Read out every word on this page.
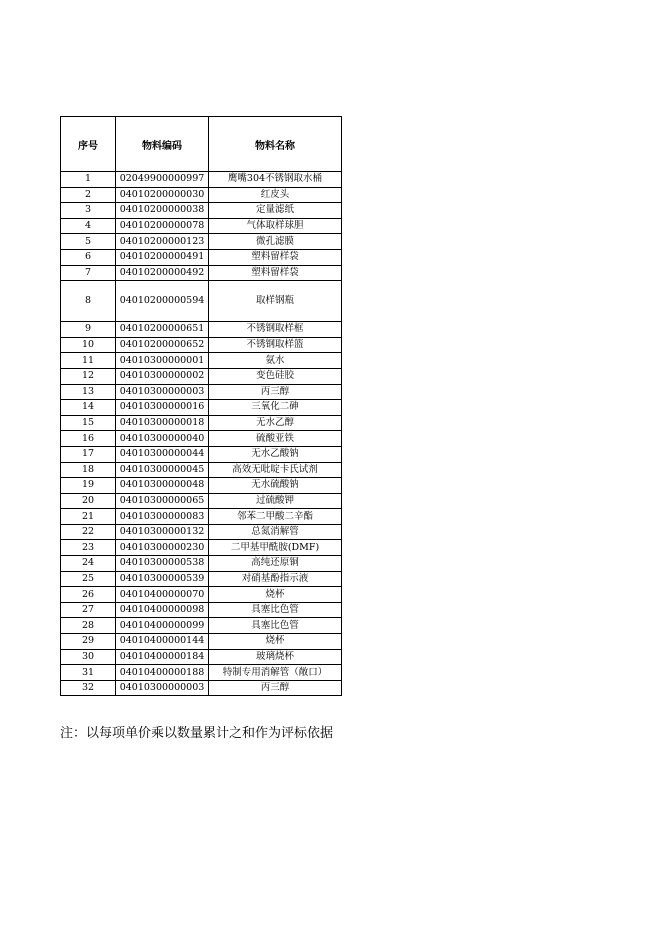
序号	物料编码	物料名称
1	02049900000997	鹰嘴304不锈钢取水桶
2	04010200000030	红皮头
3	04010200000038	定量滤纸
4	04010200000078	气体取样球胆
5	04010200000123	微孔滤膜
6	04010200000491	塑料留样袋
7	04010200000492	塑料留样袋
8	04010200000594	取样钢瓶
9	04010200000651	不锈钢取样框
10	04010200000652	不锈钢取样篮
11	04010300000001	氨水
12	04010300000002	变色硅胶
13	04010300000003	丙三醇
14	04010300000016	三氧化二砷
15	04010300000018	无水乙醇
16	04010300000040	硫酸亚铁
17	04010300000044	无水乙酸钠
18	04010300000045	高效无吡啶卡氏试剂
19	04010300000048	无水硫酸钠
20	04010300000065	过硫酸钾
21	04010300000083	邻苯二甲酸二辛酯
22	04010300000132	总氮消解管
23	04010300000230	二甲基甲酰胺(DMF)
24	04010300000538	高纯还原铜
25	04010300000539	对硝基酚指示液
26	04010400000070	烧杯
27	04010400000098	具塞比色管
28	04010400000099	具塞比色管
29	04010400000144	烧杯
30	04010400000184	玻璃烧杯
31	04010400000188	特制专用消解管（敞口）
32	04010300000003	丙三醇
注：以每项单价乘以数量累计之和作为评标依据
